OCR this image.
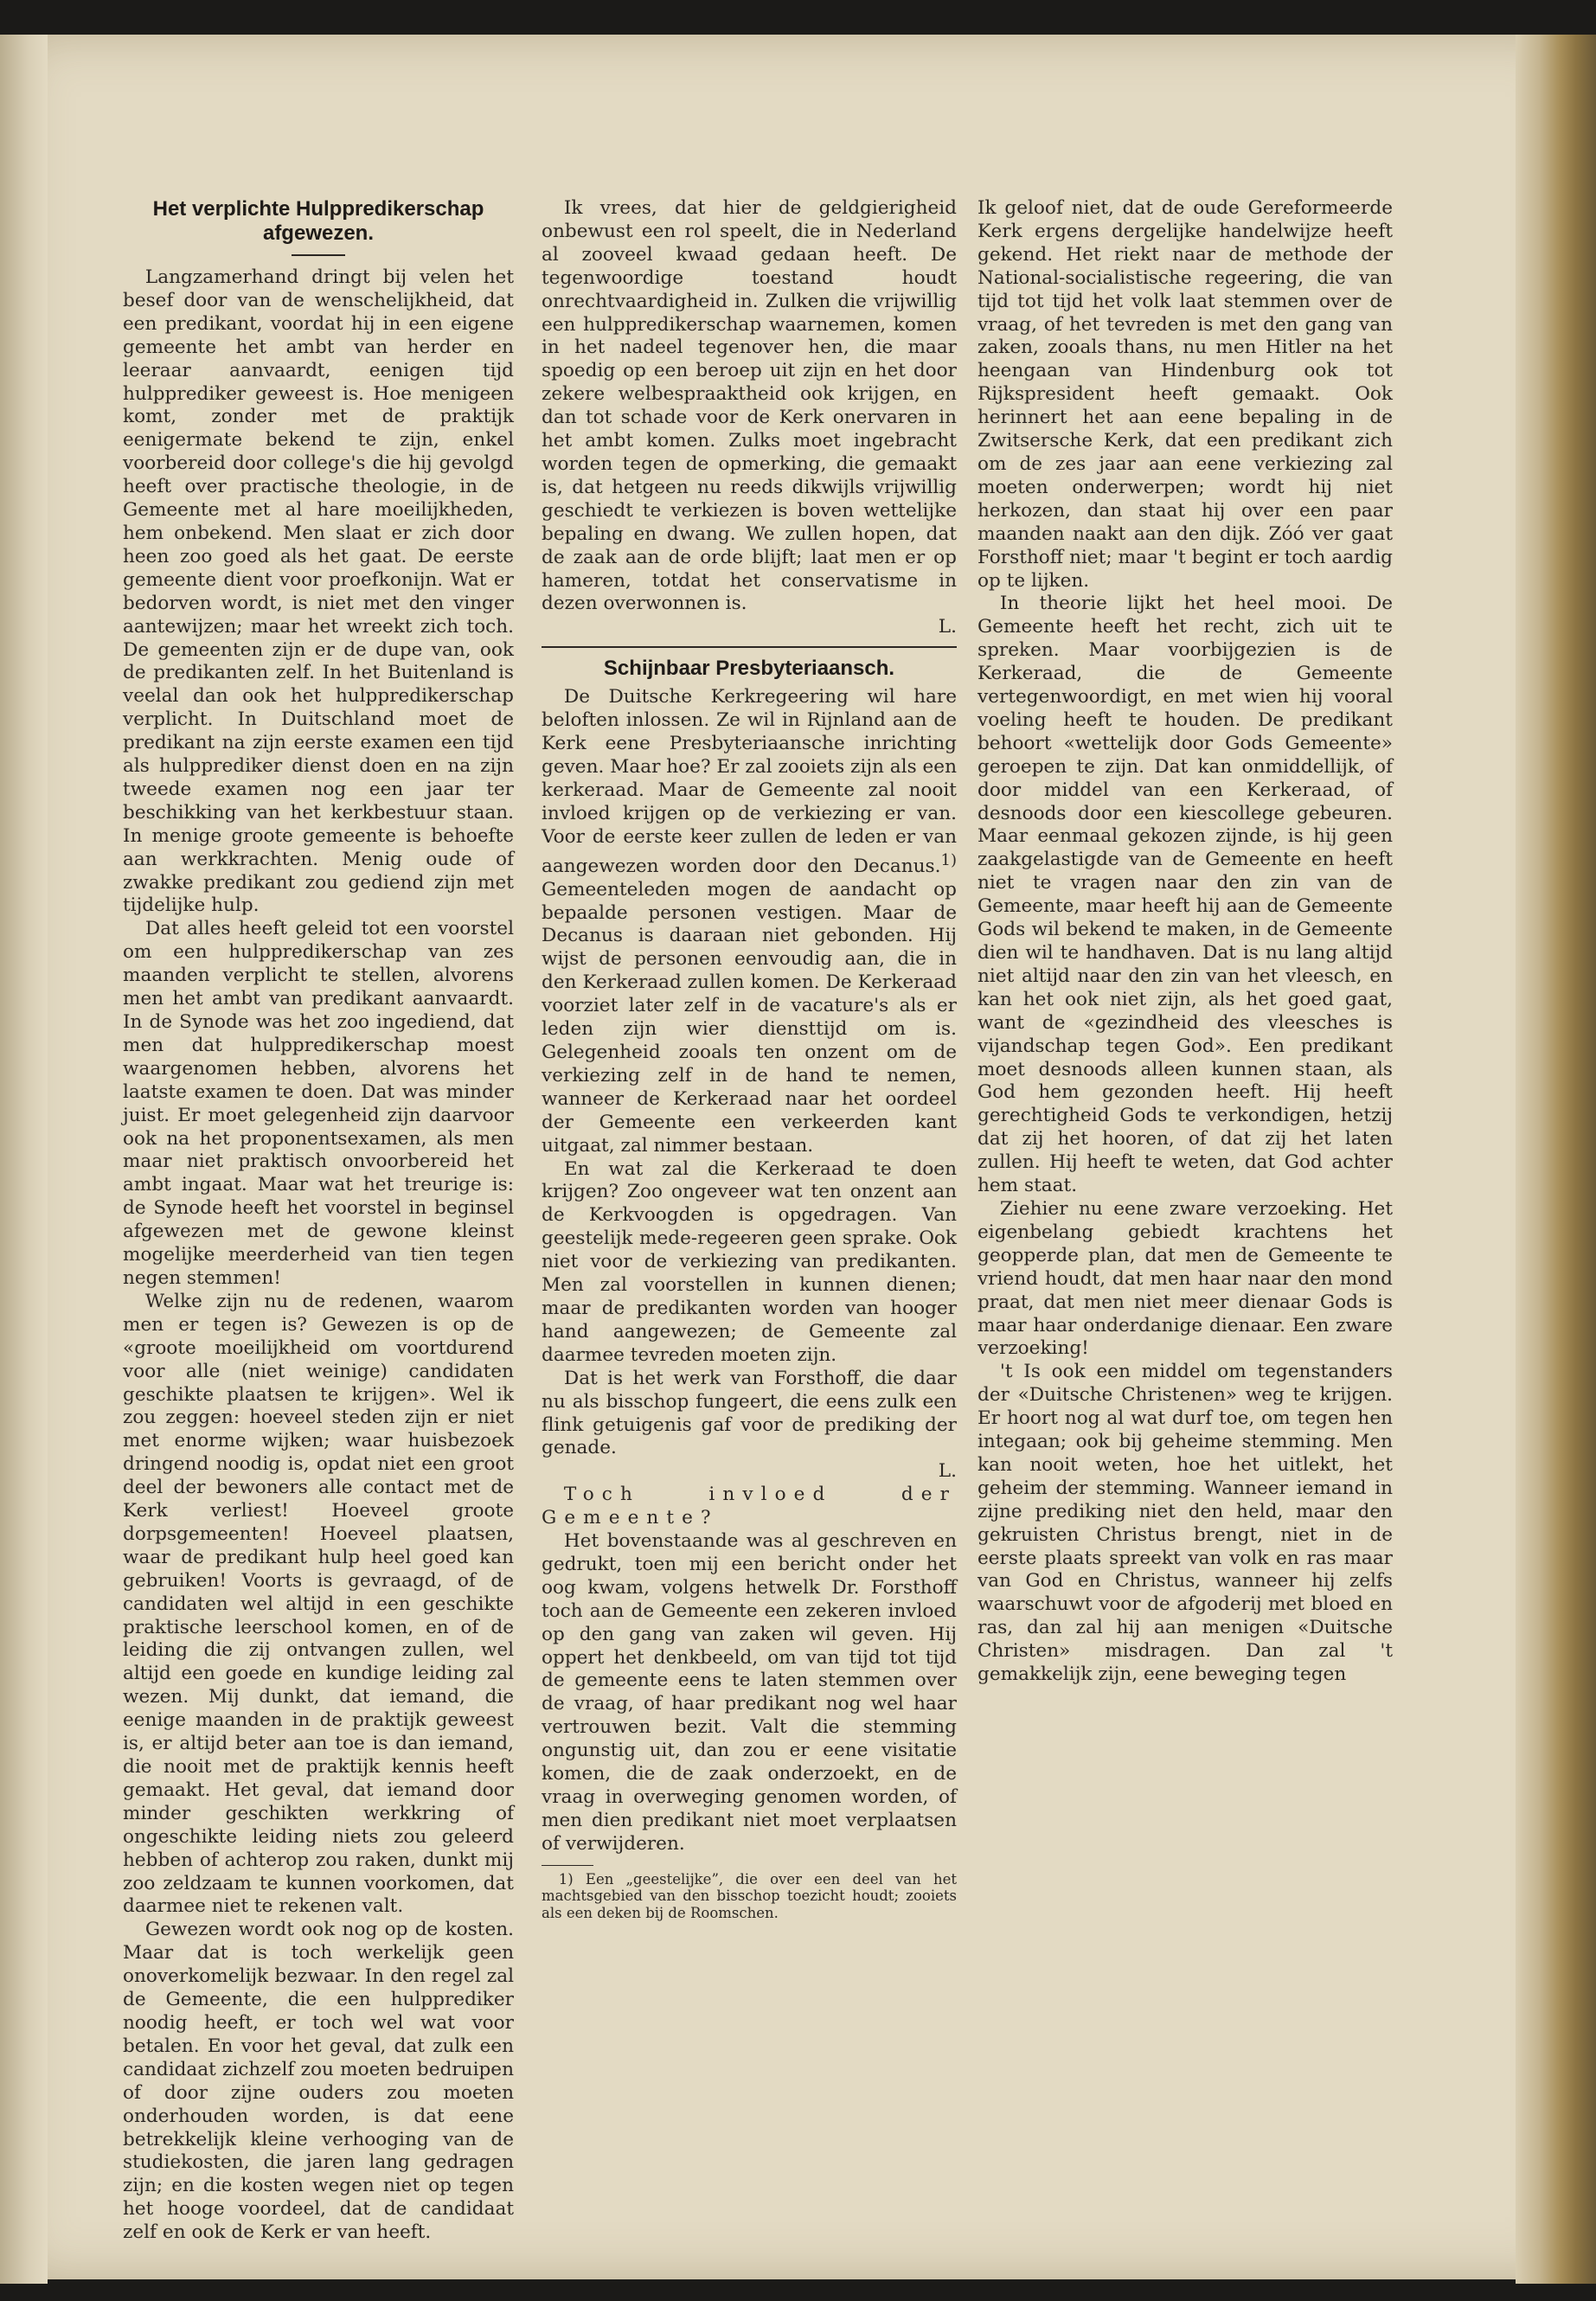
Het verplichte Hulppredikerschap
afgewezen.

Langzamerhand dringt bij velen het besef door van de wenschelijkheid, dat een predikant, voordat hij in een eigene gemeente het ambt van herder en leeraar aanvaardt, eenigen tijd hulpprediker geweest is. Hoe menigeen komt, zonder met de praktijk eenigermate bekend te zijn, enkel voorbereid door college's die hij gevolgd heeft over practische theologie, in de Gemeente met al hare moeilijkheden, hem onbekend. Men slaat er zich door heen zoo goed als het gaat. De eerste gemeente dient voor proefkonijn. Wat er bedorven wordt, is niet met den vinger aantewijzen; maar het wreekt zich toch. De gemeenten zijn er de dupe van, ook de predikanten zelf. In het Buitenland is veelal dan ook het hulppredikerschap verplicht. In Duitschland moet de predikant na zijn eerste examen een tijd als hulpprediker dienst doen en na zijn tweede examen nog een jaar ter beschikking van het kerkbestuur staan. In menige groote gemeente is behoefte aan werkkrachten. Menig oude of zwakke predikant zou gediend zijn met tijdelijke hulp.

Dat alles heeft geleid tot een voorstel om een hulppredikerschap van zes maanden verplicht te stellen, alvorens men het ambt van predikant aanvaardt. In de Synode was het zoo ingediend, dat men dat hulppredikerschap moest waargenomen hebben, alvorens het laatste examen te doen. Dat was minder juist. Er moet gelegenheid zijn daarvoor ook na het proponentsexamen, als men maar niet praktisch onvoorbereid het ambt ingaat. Maar wat het treurige is: de Synode heeft het voorstel in beginsel afgewezen met de gewone kleinst mogelijke meerderheid van tien tegen negen stemmen!

Welke zijn nu de redenen, waarom men er tegen is? Gewezen is op de «groote moeilijkheid om voortdurend voor alle (niet weinige) candidaten geschikte plaatsen te krijgen». Wel ik zou zeggen: hoeveel steden zijn er niet met enorme wijken; waar huisbezoek dringend noodig is, opdat niet een groot deel der bewoners alle contact met de Kerk verliest! Hoeveel groote dorpsgemeenten! Hoeveel plaatsen, waar de predikant hulp heel goed kan gebruiken! Voorts is gevraagd, of de candidaten wel altijd in een geschikte praktische leerschool komen, en of de leiding die zij ontvangen zullen, wel altijd een goede en kundige leiding zal wezen. Mij dunkt, dat iemand, die eenige maanden in de praktijk geweest is, er altijd beter aan toe is dan iemand, die nooit met de praktijk kennis heeft gemaakt. Het geval, dat iemand door minder geschikten werkkring of ongeschikte leiding niets zou geleerd hebben of achterop zou raken, dunkt mij zoo zeldzaam te kunnen voorkomen, dat daarmee niet te rekenen valt.

Gewezen wordt ook nog op de kosten. Maar dat is toch werkelijk geen onoverkomelijk bezwaar. In den regel zal de Gemeente, die een hulpprediker noodig heeft, er toch wel wat voor betalen. En voor het geval, dat zulk een candidaat zichzelf zou moeten bedruipen of door zijne ouders zou moeten onderhouden worden, is dat eene betrekkelijk kleine verhooging van de studiekosten, die jaren lang gedragen zijn; en die kosten wegen niet op tegen het hooge voordeel, dat de candidaat zelf en ook de Kerk er van heeft.

Ik vrees, dat hier de geldgierigheid onbewust een rol speelt, die in Nederland al zooveel kwaad gedaan heeft. De tegenwoordige toestand houdt onrechtvaardigheid in. Zulken die vrijwillig een hulppredikerschap waarnemen, komen in het nadeel tegenover hen, die maar spoedig op een beroep uit zijn en het door zekere welbespraaktheid ook krijgen, en dan tot schade voor de Kerk onervaren in het ambt komen. Zulks moet ingebracht worden tegen de opmerking, die gemaakt is, dat hetgeen nu reeds dikwijls vrijwillig geschiedt te verkiezen is boven wettelijke bepaling en dwang. We zullen hopen, dat de zaak aan de orde blijft; laat men er op hameren, totdat het conservatisme in dezen overwonnen is.

L.

Schijnbaar Presbyteriaansch.

De Duitsche Kerkregeering wil hare beloften inlossen. Ze wil in Rijnland aan de Kerk eene Presbyteriaansche inrichting geven. Maar hoe? Er zal zooiets zijn als een kerkeraad. Maar de Gemeente zal nooit invloed krijgen op de verkiezing er van. Voor de eerste keer zullen de leden er van aangewezen worden door den Decanus.$^{1)}$ Gemeenteleden mogen de aandacht op bepaalde personen vestigen. Maar de Decanus is daaraan niet gebonden. Hij wijst de personen eenvoudig aan, die in den Kerkeraad zullen komen. De Kerkeraad voorziet later zelf in de vacature's als er leden zijn wier diensttijd om is. Gelegenheid zooals ten onzent om de verkiezing zelf in de hand te nemen, wanneer de Kerkeraad naar het oordeel der Gemeente een verkeerden kant uitgaat, zal nimmer bestaan.

En wat zal die Kerkeraad te doen krijgen? Zoo ongeveer wat ten onzent aan de Kerkvoogden is opgedragen. Van geestelijk mede-regeeren geen sprake. Ook niet voor de verkiezing van predikanten. Men zal voorstellen in kunnen dienen; maar de predikanten worden van hooger hand aangewezen; de Gemeente zal daarmee tevreden moeten zijn.

Dat is het werk van Forsthoff, die daar nu als bisschop fungeert, die eens zulk een flink getuigenis gaf voor de prediking der genade.

L.

Toch invloed der Gemeente?

Het bovenstaande was al geschreven en gedrukt, toen mij een bericht onder het oog kwam, volgens hetwelk Dr. Forsthoff toch aan de Gemeente een zekeren invloed op den gang van zaken wil geven. Hij oppert het denkbeeld, om van tijd tot tijd de gemeente eens te laten stemmen over de vraag, of haar predikant nog wel haar vertrouwen bezit. Valt die stemming ongunstig uit, dan zou er eene visitatie komen, die de zaak onderzoekt, en de vraag in overweging genomen worden, of men dien predikant niet moet verplaatsen of verwijderen.

1) Een „geestelijke”, die over een deel van het machtsgebied van den bisschop toezicht houdt; zooiets als een deken bij de Roomschen.

Ik geloof niet, dat de oude Gereformeerde Kerk ergens dergelijke handelwijze heeft gekend. Het riekt naar de methode der National-socialistische regeering, die van tijd tot tijd het volk laat stemmen over de vraag, of het tevreden is met den gang van zaken, zooals thans, nu men Hitler na het heengaan van Hindenburg ook tot Rijkspresident heeft gemaakt. Ook herinnert het aan eene bepaling in de Zwitsersche Kerk, dat een predikant zich om de zes jaar aan eene verkiezing zal moeten onderwerpen; wordt hij niet herkozen, dan staat hij over een paar maanden naakt aan den dijk. Zóó ver gaat Forsthoff niet; maar 't begint er toch aardig op te lijken.

In theorie lijkt het heel mooi. De Gemeente heeft het recht, zich uit te spreken. Maar voorbijgezien is de Kerkeraad, die de Gemeente vertegenwoordigt, en met wien hij vooral voeling heeft te houden. De predikant behoort «wettelijk door Gods Gemeente» geroepen te zijn. Dat kan onmiddellijk, of door middel van een Kerkeraad, of desnoods door een kiescollege gebeuren. Maar eenmaal gekozen zijnde, is hij geen zaakgelastigde van de Gemeente en heeft niet te vragen naar den zin van de Gemeente, maar heeft hij aan de Gemeente Gods wil bekend te maken, in de Gemeente dien wil te handhaven. Dat is nu lang altijd niet altijd naar den zin van het vleesch, en kan het ook niet zijn, als het goed gaat, want de «gezindheid des vleesches is vijandschap tegen God». Een predikant moet desnoods alleen kunnen staan, als God hem gezonden heeft. Hij heeft gerechtigheid Gods te verkondigen, hetzij dat zij het hooren, of dat zij het laten zullen. Hij heeft te weten, dat God achter hem staat.

Ziehier nu eene zware verzoeking. Het eigenbelang gebiedt krachtens het geopperde plan, dat men de Gemeente te vriend houdt, dat men haar naar den mond praat, dat men niet meer dienaar Gods is maar haar onderdanige dienaar. Een zware verzoeking!

't Is ook een middel om tegenstanders der «Duitsche Christenen» weg te krijgen. Er hoort nog al wat durf toe, om tegen hen integaan; ook bij geheime stemming. Men kan nooit weten, hoe het uitlekt, het geheim der stemming. Wanneer iemand in zijne prediking niet den held, maar den gekruisten Christus brengt, niet in de eerste plaats spreekt van volk en ras maar van God en Christus, wanneer hij zelfs waarschuwt voor de afgoderij met bloed en ras, dan zal hij aan menigen «Duitsche Christen» misdragen. Dan zal 't gemakkelijk zijn, eene beweging tegen
